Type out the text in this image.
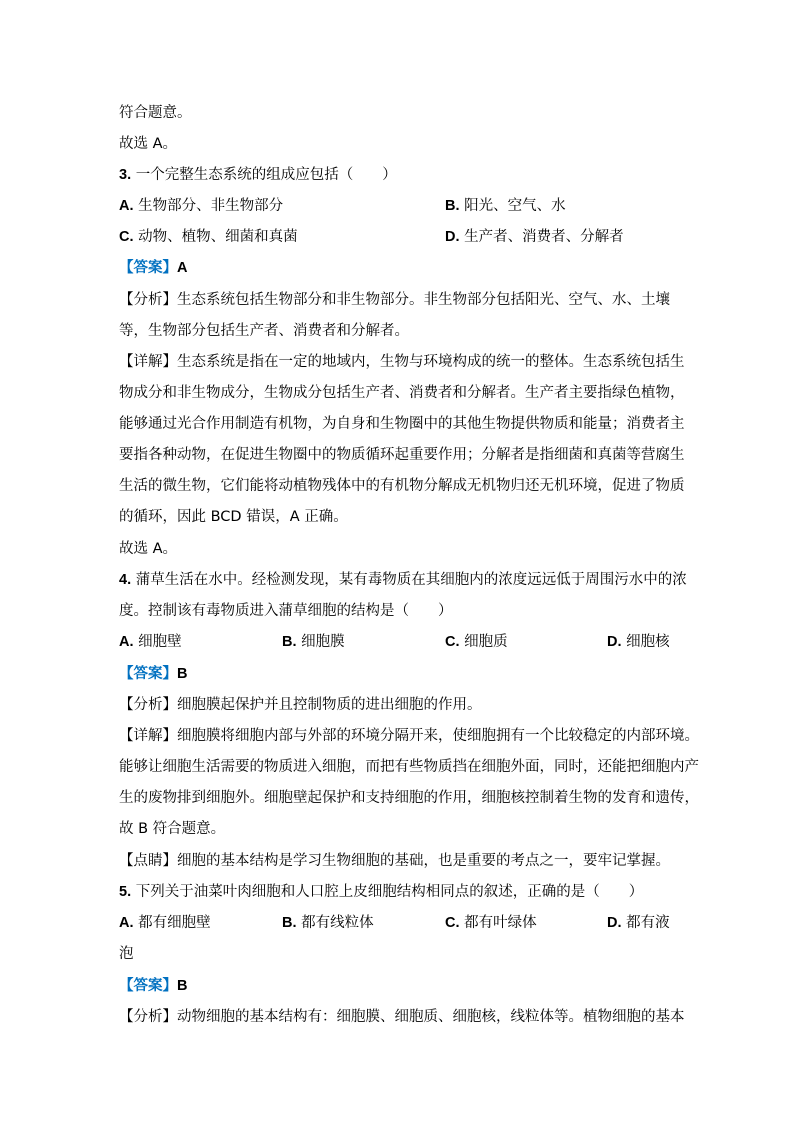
符合题意。
故选 A。
3. 一个完整生态系统的组成应包括（　　）
A. 生物部分、非生物部分	B. 阳光、空气、水
C. 动物、植物、细菌和真菌	D. 生产者、消费者、分解者
【答案】A
【分析】生态系统包括生物部分和非生物部分。非生物部分包括阳光、空气、水、土壤
等，生物部分包括生产者、消费者和分解者。
【详解】生态系统是指在一定的地域内，生物与环境构成的统一的整体。生态系统包括生
物成分和非生物成分，生物成分包括生产者、消费者和分解者。生产者主要指绿色植物，
能够通过光合作用制造有机物，为自身和生物圈中的其他生物提供物质和能量；消费者主
要指各种动物，在促进生物圈中的物质循环起重要作用；分解者是指细菌和真菌等营腐生
生活的微生物，它们能将动植物残体中的有机物分解成无机物归还无机环境，促进了物质
的循环，因此 BCD 错误，A 正确。
故选 A。
4. 蒲草生活在水中。经检测发现，某有毒物质在其细胞内的浓度远远低于周围污水中的浓
度。控制该有毒物质进入蒲草细胞的结构是（　　）
A. 细胞壁	B. 细胞膜	C. 细胞质	D. 细胞核
【答案】B
【分析】细胞膜起保护并且控制物质的进出细胞的作用。
【详解】细胞膜将细胞内部与外部的环境分隔开来，使细胞拥有一个比较稳定的内部环境。
能够让细胞生活需要的物质进入细胞，而把有些物质挡在细胞外面，同时，还能把细胞内产
生的废物排到细胞外。细胞壁起保护和支持细胞的作用，细胞核控制着生物的发育和遗传，
故 B 符合题意。
【点睛】细胞的基本结构是学习生物细胞的基础，也是重要的考点之一，要牢记掌握。
5. 下列关于油菜叶肉细胞和人口腔上皮细胞结构相同点的叙述，正确的是（　　）
A. 都有细胞壁	B. 都有线粒体	C. 都有叶绿体	D. 都有液
泡
【答案】B
【分析】动物细胞的基本结构有：细胞膜、细胞质、细胞核，线粒体等。植物细胞的基本
